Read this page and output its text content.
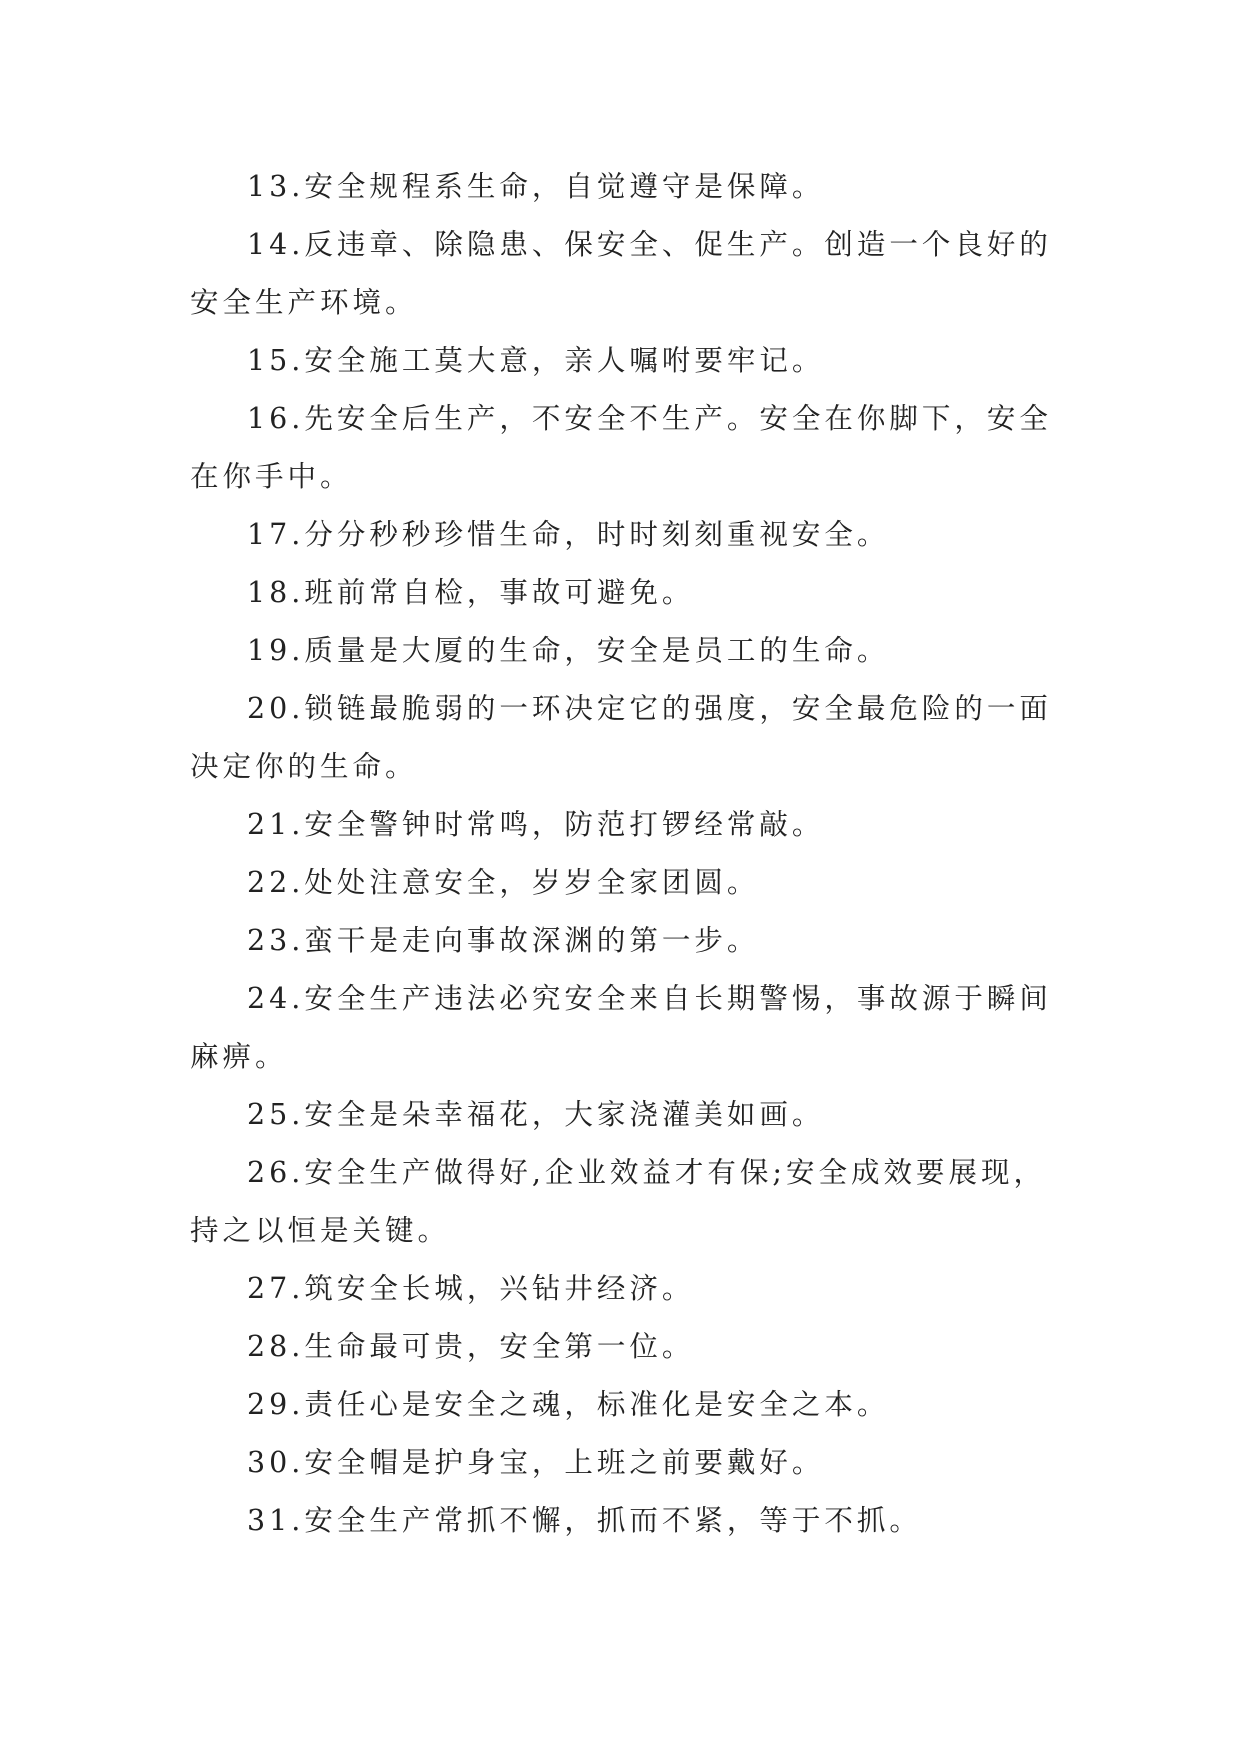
13.安全规程系生命，自觉遵守是保障。

14.反违章、除隐患、保安全、促生产。创造一个良好的安全生产环境。

15.安全施工莫大意，亲人嘱咐要牢记。

16.先安全后生产，不安全不生产。安全在你脚下，安全在你手中。

17.分分秒秒珍惜生命，时时刻刻重视安全。

18.班前常自检，事故可避免。

19.质量是大厦的生命，安全是员工的生命。

20.锁链最脆弱的一环决定它的强度，安全最危险的一面决定你的生命。

21.安全警钟时常鸣，防范打锣经常敲。

22.处处注意安全，岁岁全家团圆。

23.蛮干是走向事故深渊的第一步。

24.安全生产违法必究安全来自长期警惕，事故源于瞬间麻痹。

25.安全是朵幸福花，大家浇灌美如画。

26.安全生产做得好,企业效益才有保;安全成效要展现，持之以恒是关键。

27.筑安全长城，兴钻井经济。

28.生命最可贵，安全第一位。

29.责任心是安全之魂，标准化是安全之本。

30.安全帽是护身宝，上班之前要戴好。

31.安全生产常抓不懈，抓而不紧，等于不抓。
